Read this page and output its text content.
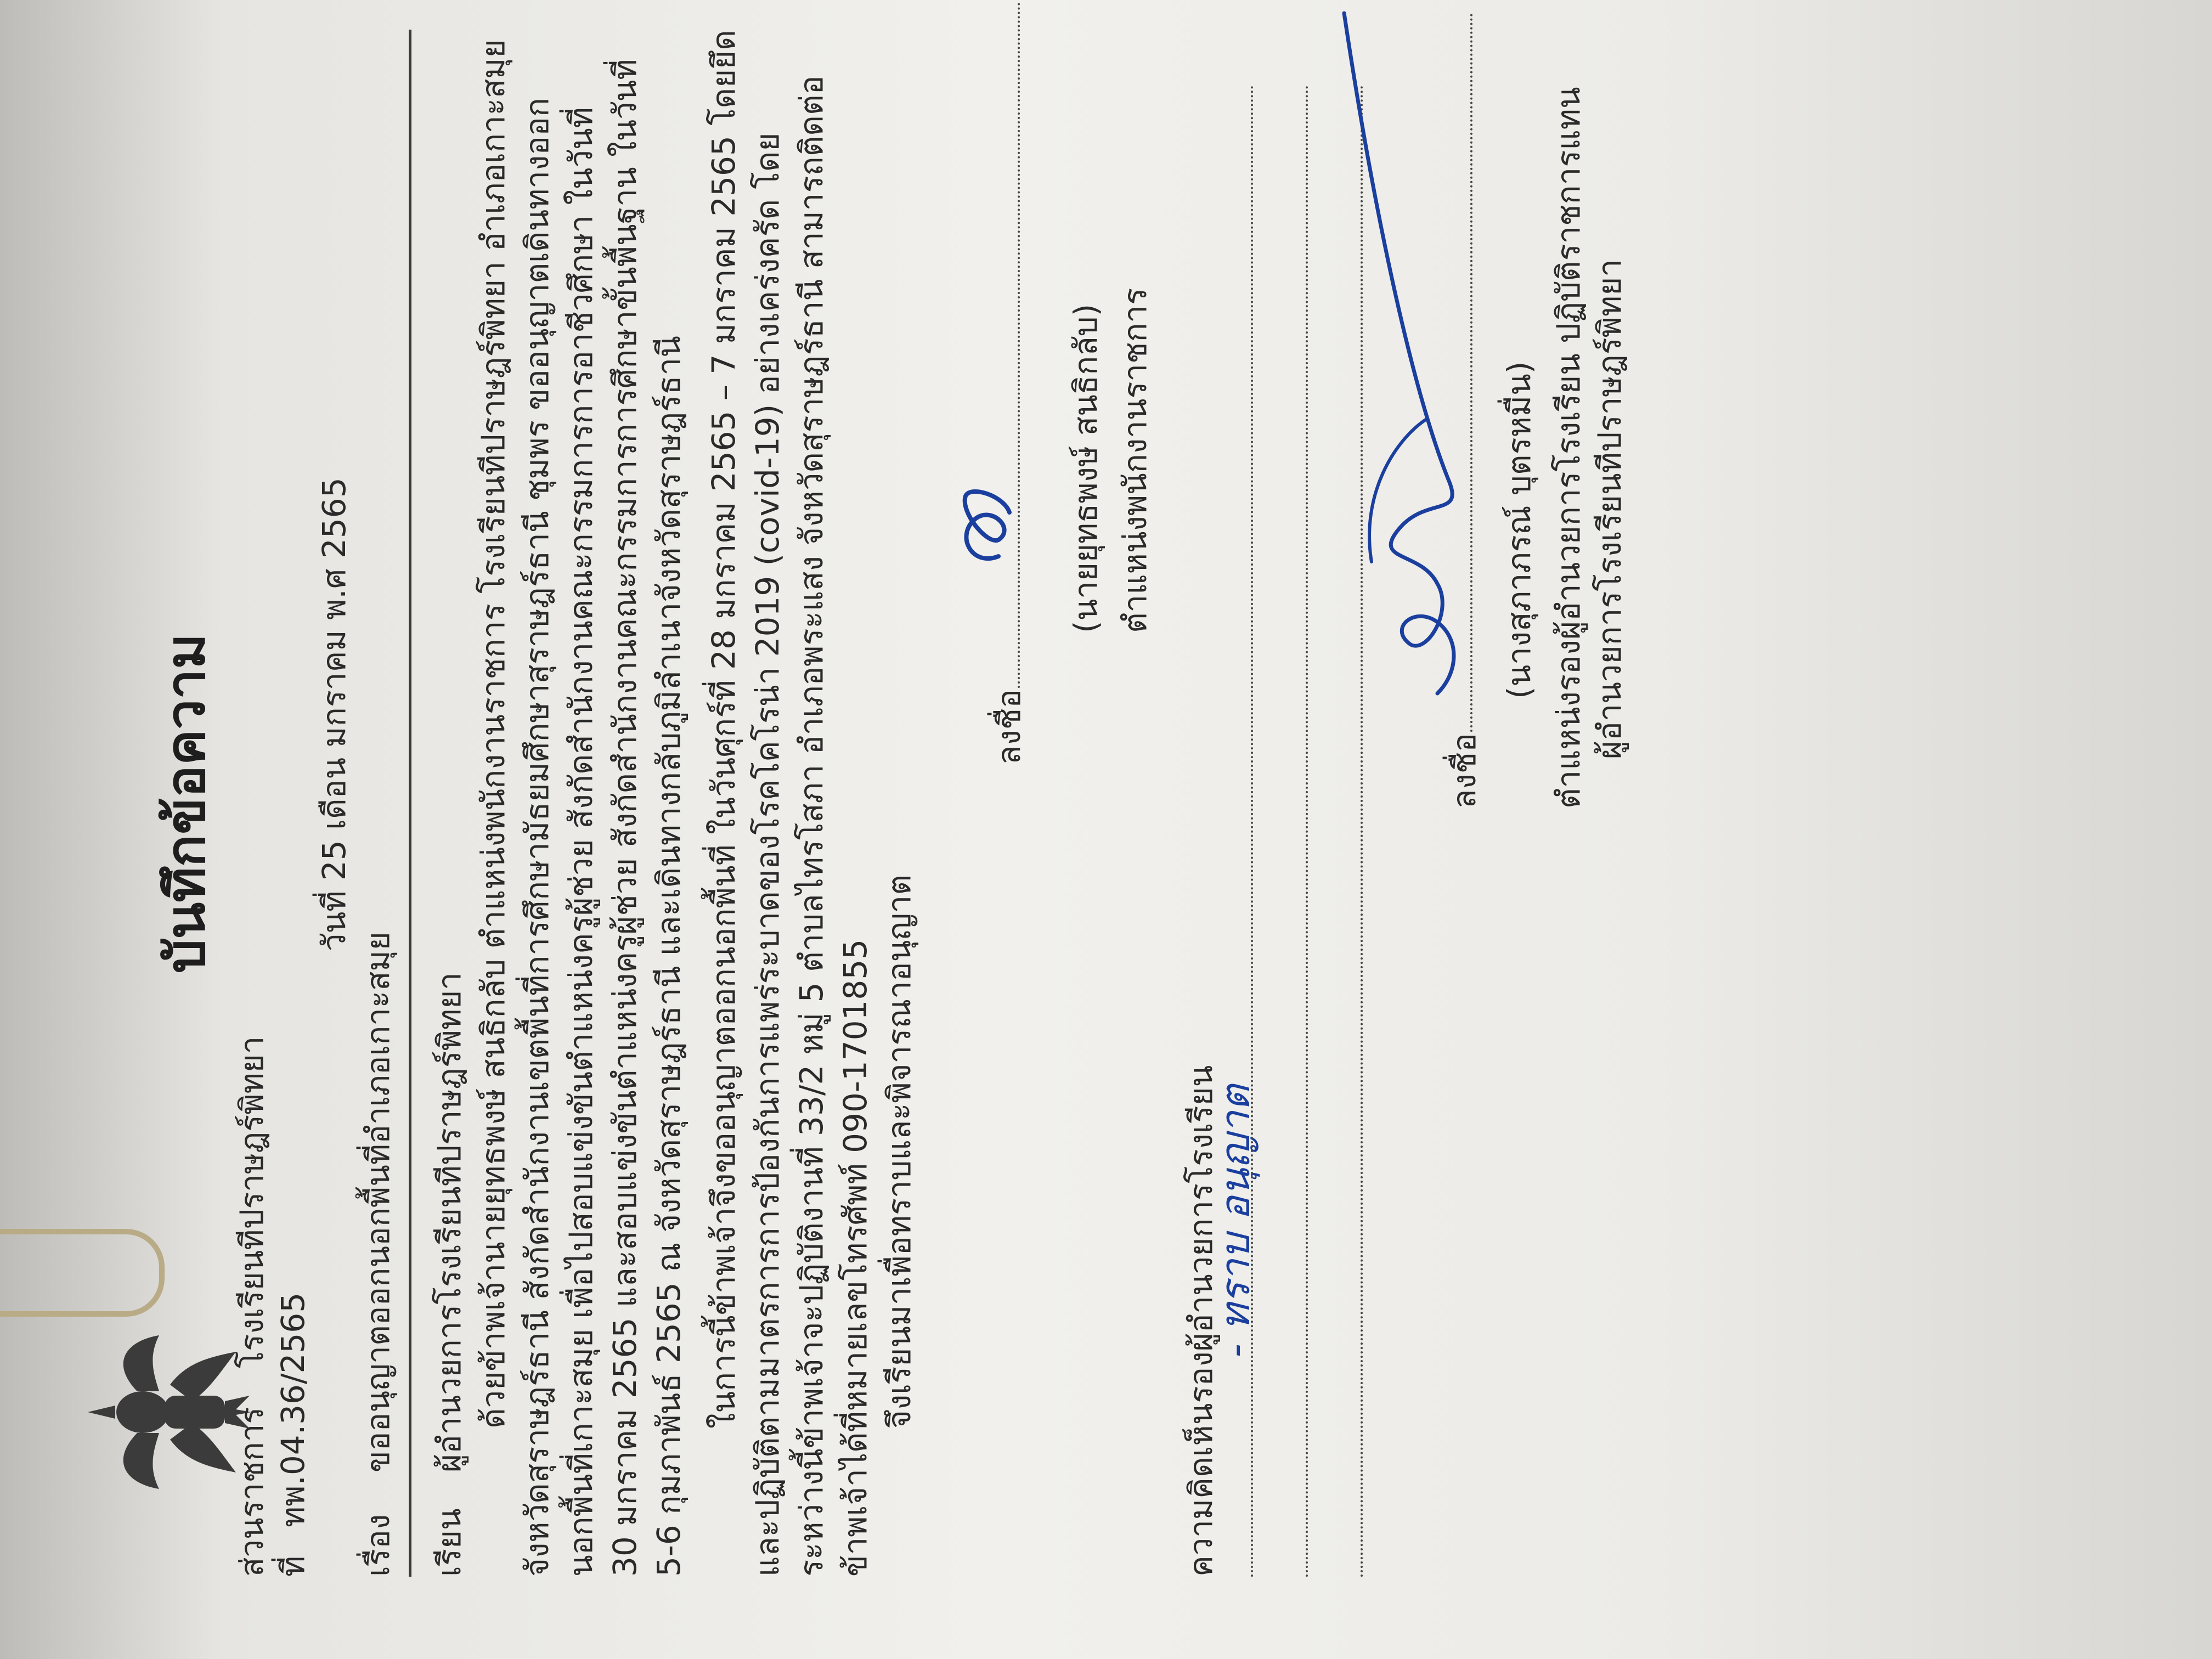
บันทึกข้อความ
ส่วนราชการ
โรงเรียนทีปราษฎร์พิทยา
ที่
ทพ.04.36/2565
วันที่ 25 เดือน มกราคม พ.ศ 2565
เรื่อง
ขออนุญาตออกนอกพื้นที่อำเภอเกาะสมุย
เรียน
ผู้อำนวยการโรงเรียนทีปราษฎร์พิทยา ด้วยข้าพเจ้านายยุทธพงษ์ สนธิกลับ ตำแหน่งพนักงานราชการ โรงเรียนทีปราษฎร์พิทยา อำเภอเกาะสมุย จังหวัดสุราษฎร์ธานี สังกัดสำนักงานเขตพื้นที่การศึกษามัธยมศึกษาสุราษฎร์ธานี ชุมพร ขออนุญาตเดินทางออก นอกพื้นที่เกาะสมุย เพื่อไปสอบแข่งขันตำแหน่งครูผู้ช่วย สังกัดสำนักงานคณะกรรมการการอาชีวศึกษา ในวันที่ 30 มกราคม 2565 และสอบแข่งขันตำแหน่งครูผู้ช่วย สังกัดสำนักงานคณะกรรมการการศึกษาขั้นพื้นฐาน ในวันที่ 5-6 กุมภาพันธ์ 2565 ณ จังหวัดสุราษฎร์ธานี และเดินทางกลับภูมิลำเนาจังหวัดสุราษฎร์ธานี ในการนี้ข้าพเจ้าจึงขออนุญาตออกนอกพื้นที่ ในวันศุกร์ที่ 28 มกราคม 2565 – 7 มกราคม 2565 โดยยึด และปฏิบัติตามมาตรการการป้องกันการแพร่ระบาดของโรคโคโรน่า 2019 (covid-19) อย่างเคร่งครัด โดย ระหว่างนี้ข้าพเจ้าจะปฏิบัติงานที่ 33/2 หมู่ 5 ตำบลไทรโสภา อำเภอพระแสง จังหวัดสุราษฎร์ธานี สามารถติดต่อ ข้าพเจ้าได้ที่หมายเลขโทรศัพท์ 090-1701855 จึงเรียนมาเพื่อทราบและพิจารณาอนุญาต
ลงชื่อ
(นายยุทธพงษ์ สนธิกลับ) ตำแหน่งพนักงานราชการ
ความคิดเห็นรองผู้อำนวยการโรงเรียน
- ทราบ อนุญาต
ลงชื่อ
(นางสุภาภรณ์ บุตรหมื่น) ตำแหน่งรองผู้อำนวยการโรงเรียน ปฏิบัติราชการแทน ผู้อำนวยการโรงเรียนทีปราษฎร์พิทยา
